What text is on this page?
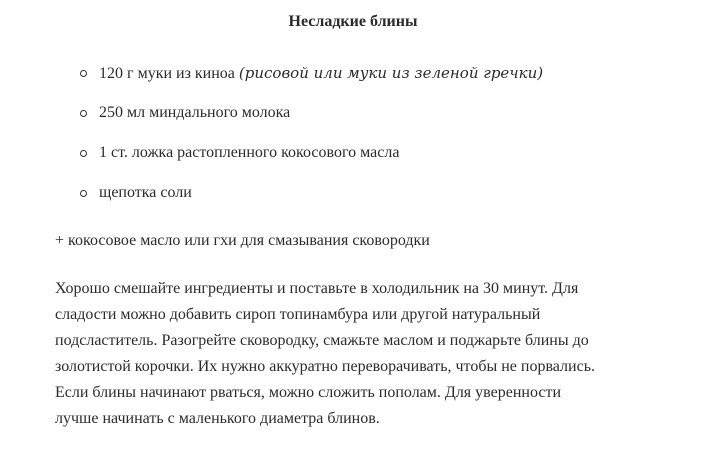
Несладкие блины
120 г муки из киноа (рисовой или муки из зеленой гречки)
250 мл миндального молока
1 ст. ложка растопленного кокосового масла
щепотка соли
+ кокосовое масло или гхи для смазывания сковородки
Хорошо смешайте ингредиенты и поставьте в холодильник на 30 минут. Для
сладости можно добавить сироп топинамбура или другой натуральный
подсластитель. Разогрейте сковородку, смажьте маслом и поджарьте блины до
золотистой корочки. Их нужно аккуратно переворачивать, чтобы не порвались.
Если блины начинают рваться, можно сложить пополам. Для уверенности
лучше начинать с маленького диаметра блинов.
